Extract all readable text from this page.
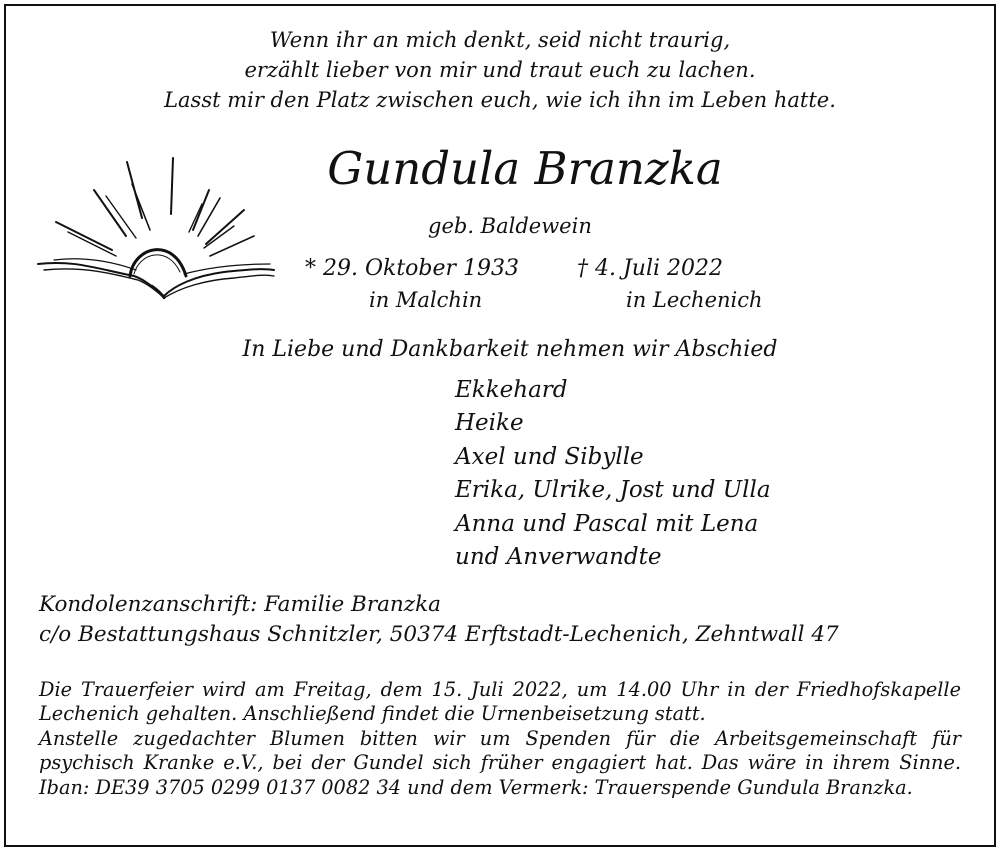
Wenn ihr an mich denkt, seid nicht traurig,
erzählt lieber von mir und traut euch zu lachen.
Lasst mir den Platz zwischen euch, wie ich ihn im Leben hatte.
Gundula Branzka
geb. Baldewein
* 29. Oktober 1933
in Malchin
† 4. Juli 2022
in Lechenich
In Liebe und Dankbarkeit nehmen wir Abschied
Ekkehard
Heike
Axel und Sibylle
Erika, Ulrike, Jost und Ulla
Anna und Pascal mit Lena
und Anverwandte
Kondolenzanschrift: Familie Branzka
c/o Bestattungshaus Schnitzler, 50374 Erftstadt-Lechenich, Zehntwall 47

Die Trauerfeier wird am Freitag, dem 15. Juli 2022, um 14.00 Uhr in der Friedhofskapelle Lechenich gehalten. Anschließend findet die Urnenbeisetzung statt.

Anstelle zugedachter Blumen bitten wir um Spenden für die Arbeitsgemeinschaft für psychisch Kranke e.V., bei der Gundel sich früher engagiert hat. Das wäre in ihrem Sinne. Iban: DE39 3705 0299 0137 0082 34 und dem Vermerk: Trauerspende Gundula Branzka.
